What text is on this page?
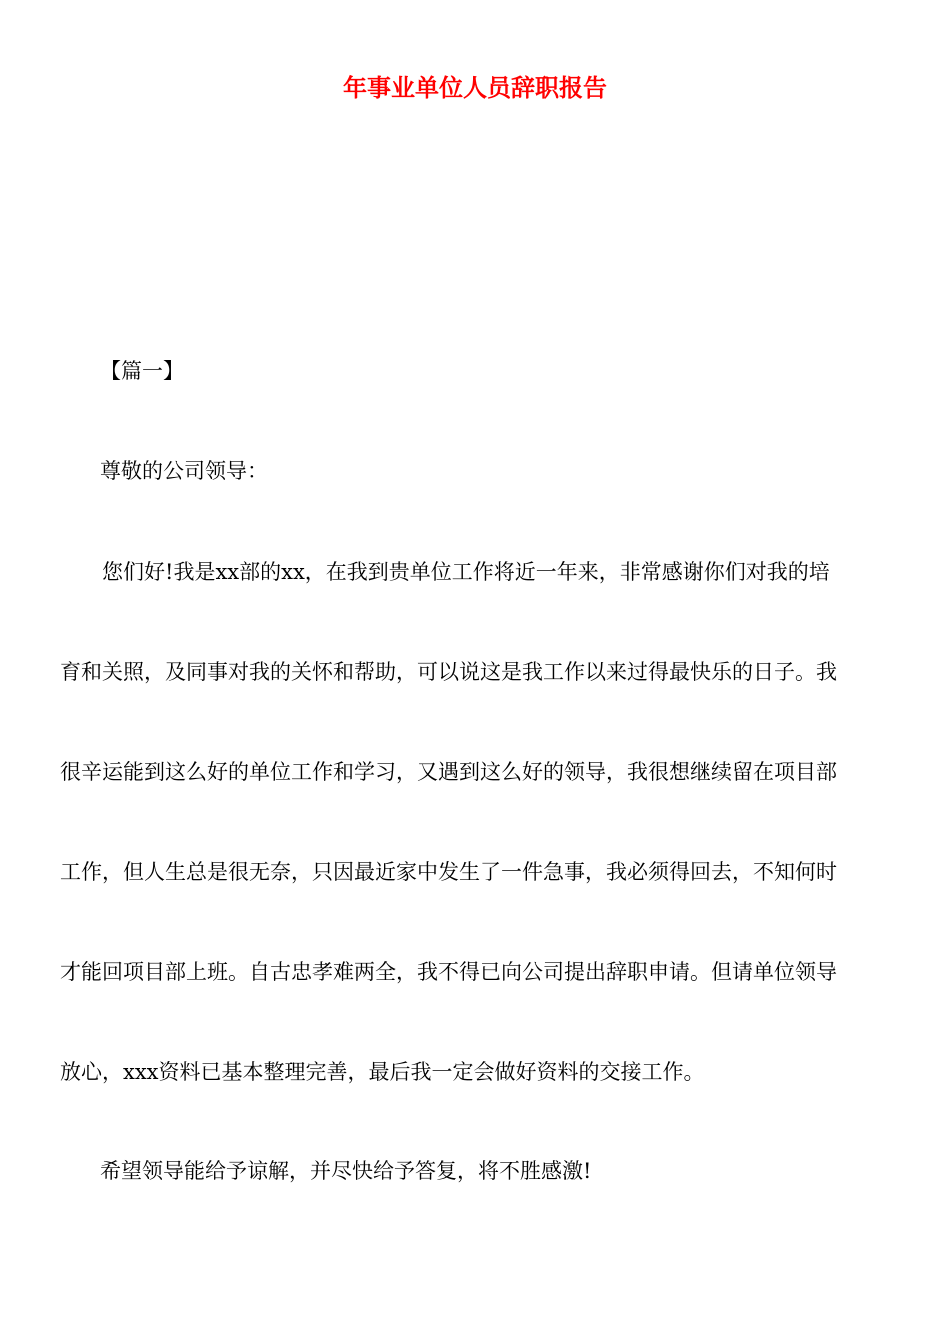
年事业单位人员辞职报告
【篇一】
尊敬的公司领导：
您们好!我是xx部的xx，在我到贵单位工作将近一年来，非常感谢你们对我的培
育和关照，及同事对我的关怀和帮助，可以说这是我工作以来过得最快乐的日子。我
很辛运能到这么好的单位工作和学习，又遇到这么好的领导，我很想继续留在项目部
工作，但人生总是很无奈，只因最近家中发生了一件急事，我必须得回去，不知何时
才能回项目部上班。自古忠孝难两全，我不得已向公司提出辞职申请。但请单位领导
放心，xxx资料已基本整理完善，最后我一定会做好资料的交接工作。
希望领导能给予谅解，并尽快给予答复，将不胜感激!
